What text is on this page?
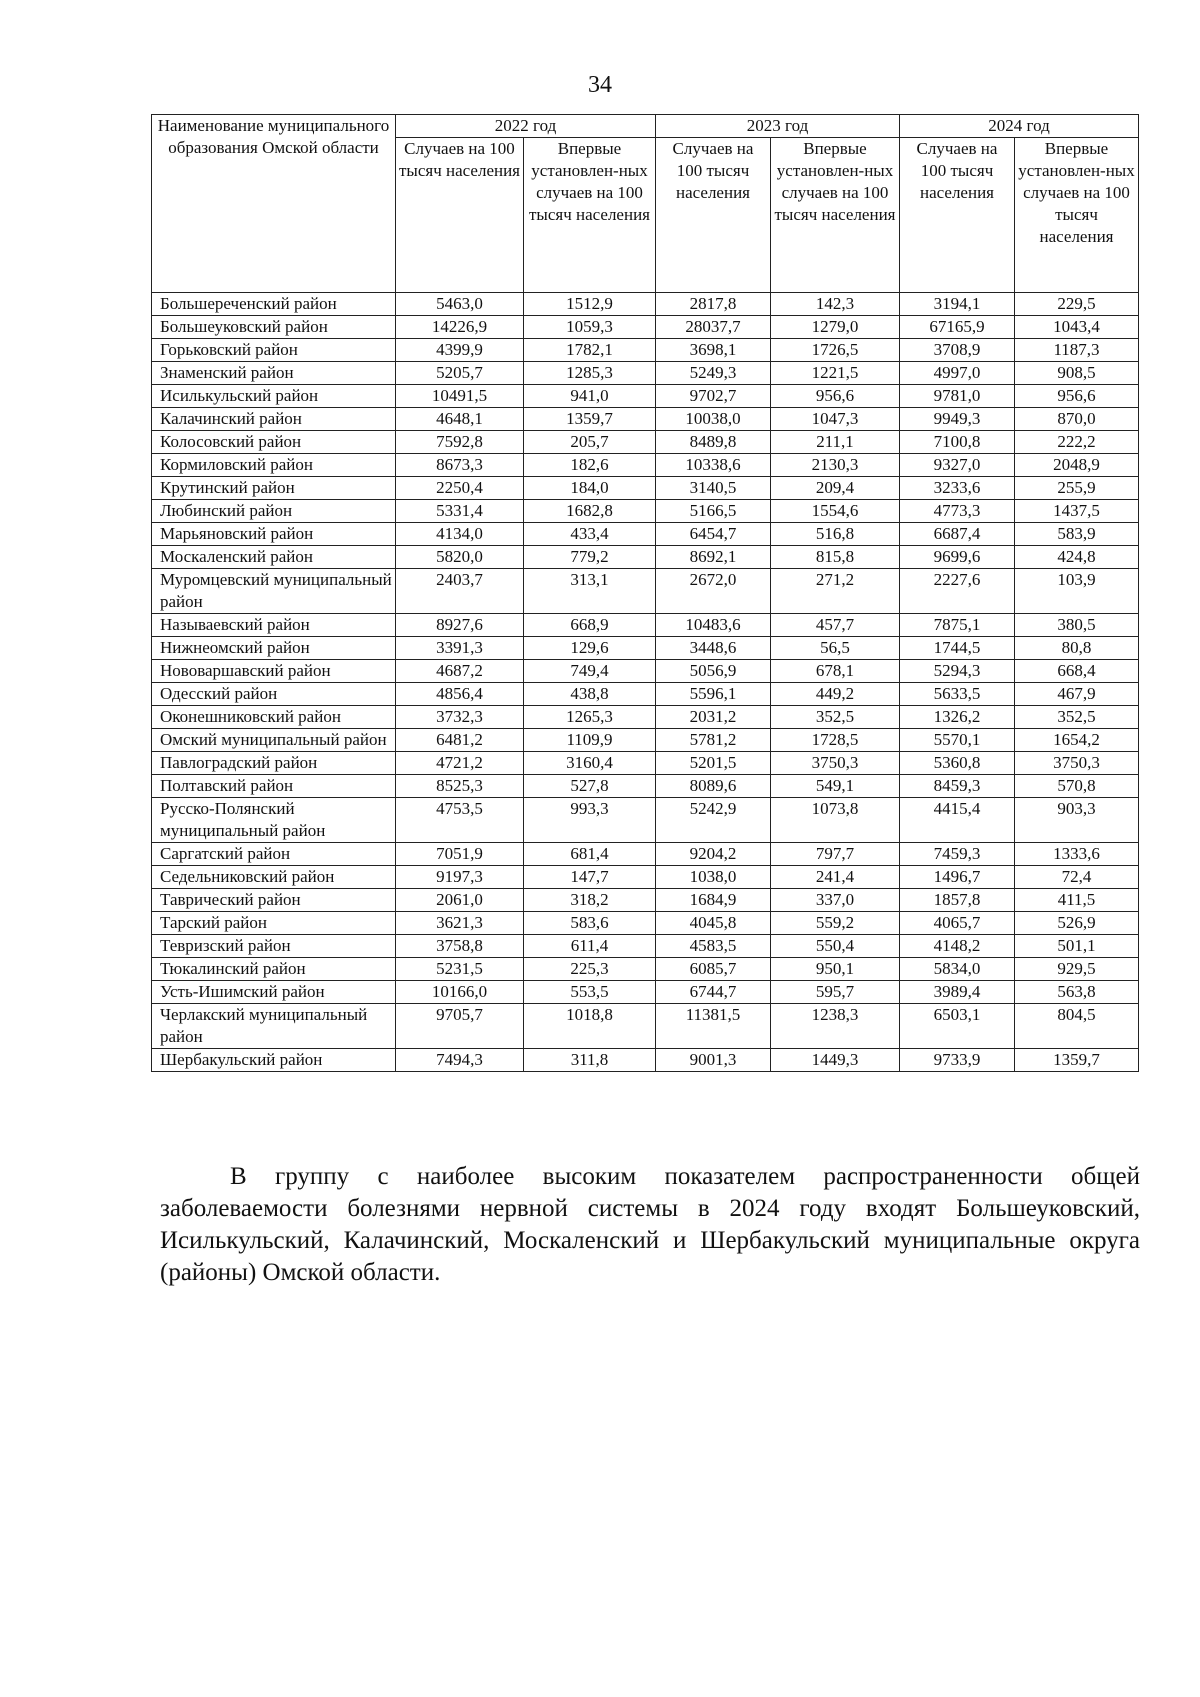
34
Наименование муниципального образования Омской области	2022 год		2023 год		2024 год	
	Случаев на 100 тысяч населения	Впервые установлен-ных случаев на 100 тысяч населения	Случаев на 100 тысяч населения	Впервые установлен-ных случаев на 100 тысяч населения	Случаев на 100 тысяч населения	Впервые установлен-ных случаев на 100 тысяч населения
Большереченский район	5463,0	1512,9	2817,8	142,3	3194,1	229,5
Большеуковский район	14226,9	1059,3	28037,7	1279,0	67165,9	1043,4
Горьковский район	4399,9	1782,1	3698,1	1726,5	3708,9	1187,3
Знаменский район	5205,7	1285,3	5249,3	1221,5	4997,0	908,5
Исилькульский район	10491,5	941,0	9702,7	956,6	9781,0	956,6
Калачинский район	4648,1	1359,7	10038,0	1047,3	9949,3	870,0
Колосовский район	7592,8	205,7	8489,8	211,1	7100,8	222,2
Кормиловский район	8673,3	182,6	10338,6	2130,3	9327,0	2048,9
Крутинский район	2250,4	184,0	3140,5	209,4	3233,6	255,9
Любинский район	5331,4	1682,8	5166,5	1554,6	4773,3	1437,5
Марьяновский район	4134,0	433,4	6454,7	516,8	6687,4	583,9
Москаленский район	5820,0	779,2	8692,1	815,8	9699,6	424,8
Муромцевский муниципальный район	2403,7	313,1	2672,0	271,2	2227,6	103,9
Называевский район	8927,6	668,9	10483,6	457,7	7875,1	380,5
Нижнеомский район	3391,3	129,6	3448,6	56,5	1744,5	80,8
Нововаршавский район	4687,2	749,4	5056,9	678,1	5294,3	668,4
Одесский район	4856,4	438,8	5596,1	449,2	5633,5	467,9
Оконешниковский район	3732,3	1265,3	2031,2	352,5	1326,2	352,5
Омский муниципальный район	6481,2	1109,9	5781,2	1728,5	5570,1	1654,2
Павлоградский район	4721,2	3160,4	5201,5	3750,3	5360,8	3750,3
Полтавский район	8525,3	527,8	8089,6	549,1	8459,3	570,8
Русско-Полянский муниципальный район	4753,5	993,3	5242,9	1073,8	4415,4	903,3
Саргатский район	7051,9	681,4	9204,2	797,7	7459,3	1333,6
Седельниковский район	9197,3	147,7	1038,0	241,4	1496,7	72,4
Таврический район	2061,0	318,2	1684,9	337,0	1857,8	411,5
Тарский район	3621,3	583,6	4045,8	559,2	4065,7	526,9
Тевризский район	3758,8	611,4	4583,5	550,4	4148,2	501,1
Тюкалинский район	5231,5	225,3	6085,7	950,1	5834,0	929,5
Усть-Ишимский район	10166,0	553,5	6744,7	595,7	3989,4	563,8
Черлакский муниципальный район	9705,7	1018,8	11381,5	1238,3	6503,1	804,5
Шербакульский район	7494,3	311,8	9001,3	1449,3	9733,9	1359,7

В группу с наиболее высоким показателем распространенности общей заболеваемости болезнями нервной системы в 2024 году входят Большеуковский, Исилькульский, Калачинский, Москаленский и Шербакульский муниципальные округа (районы) Омской области.
